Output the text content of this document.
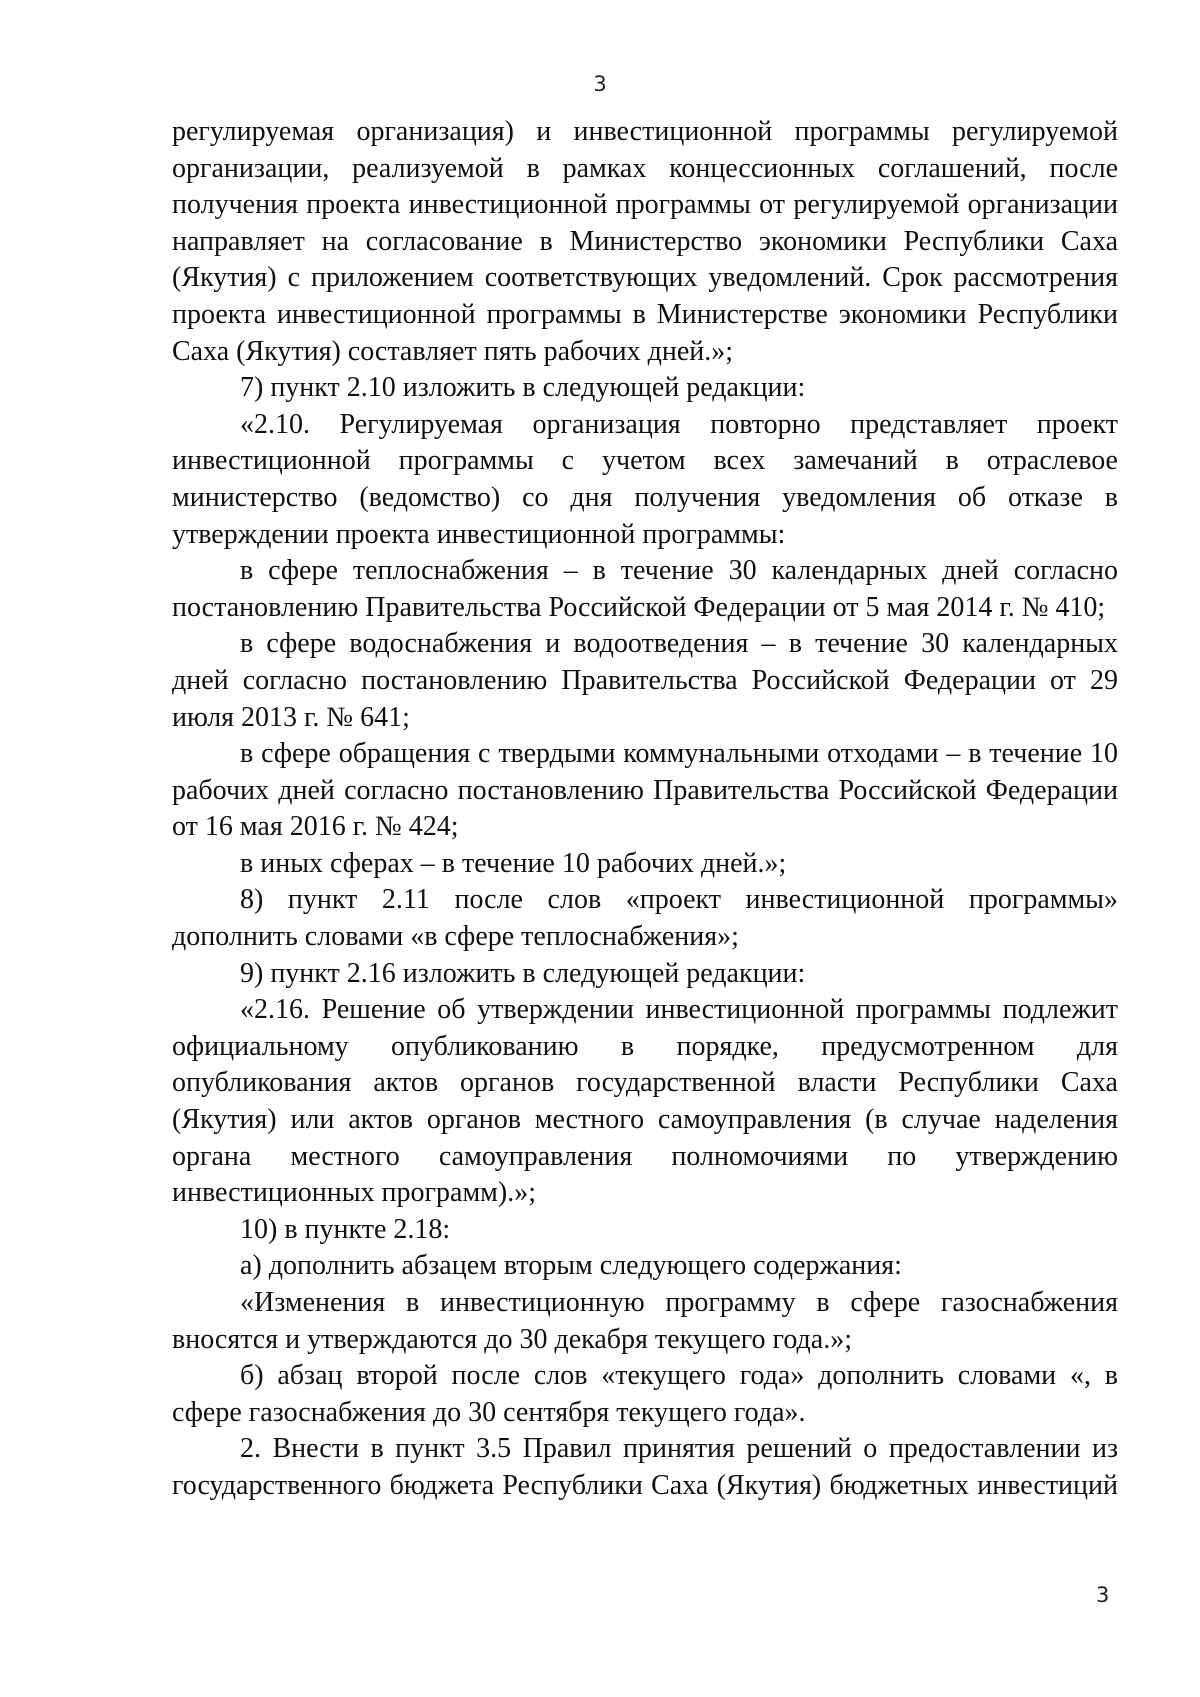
3

регулируемая организация) и инвестиционной программы регулируемой организации, реализуемой в рамках концессионных соглашений, после получения проекта инвестиционной программы от регулируемой организации направляет на согласование в Министерство экономики Республики Саха (Якутия) с приложением соответствующих уведомлений. Срок рассмотрения проекта инвестиционной программы в Министерстве экономики Республики Саха (Якутия) составляет пять рабочих дней.»;

7) пункт 2.10 изложить в следующей редакции:

«2.10. Регулируемая организация повторно представляет проект инвестиционной программы с учетом всех замечаний в отраслевое министерство (ведомство) со дня получения уведомления об отказе в утверждении проекта инвестиционной программы:

в сфере теплоснабжения – в течение 30 календарных дней согласно постановлению Правительства Российской Федерации от 5 мая 2014 г. № 410;

в сфере водоснабжения и водоотведения – в течение 30 календарных дней согласно постановлению Правительства Российской Федерации от 29 июля 2013 г. № 641;

в сфере обращения с твердыми коммунальными отходами – в течение 10 рабочих дней согласно постановлению Правительства Российской Федерации от 16 мая 2016 г. № 424;

в иных сферах – в течение 10 рабочих дней.»;

8) пункт 2.11 после слов «проект инвестиционной программы» дополнить словами «в сфере теплоснабжения»;

9) пункт 2.16 изложить в следующей редакции:

«2.16. Решение об утверждении инвестиционной программы подлежит официальному опубликованию в порядке, предусмотренном для опубликования актов органов государственной власти Республики Саха (Якутия) или актов органов местного самоуправления (в случае наделения органа местного самоуправления полномочиями по утверждению инвестиционных программ).»;

10) в пункте 2.18:

а) дополнить абзацем вторым следующего содержания:

«Изменения в инвестиционную программу в сфере газоснабжения вносятся и утверждаются до 30 декабря текущего года.»;

б) абзац второй после слов «текущего года» дополнить словами «, в сфере газоснабжения до 30 сентября текущего года».

2. Внести в пункт 3.5 Правил принятия решений о предоставлении из государственного бюджета Республики Саха (Якутия) бюджетных инвестиций

3
